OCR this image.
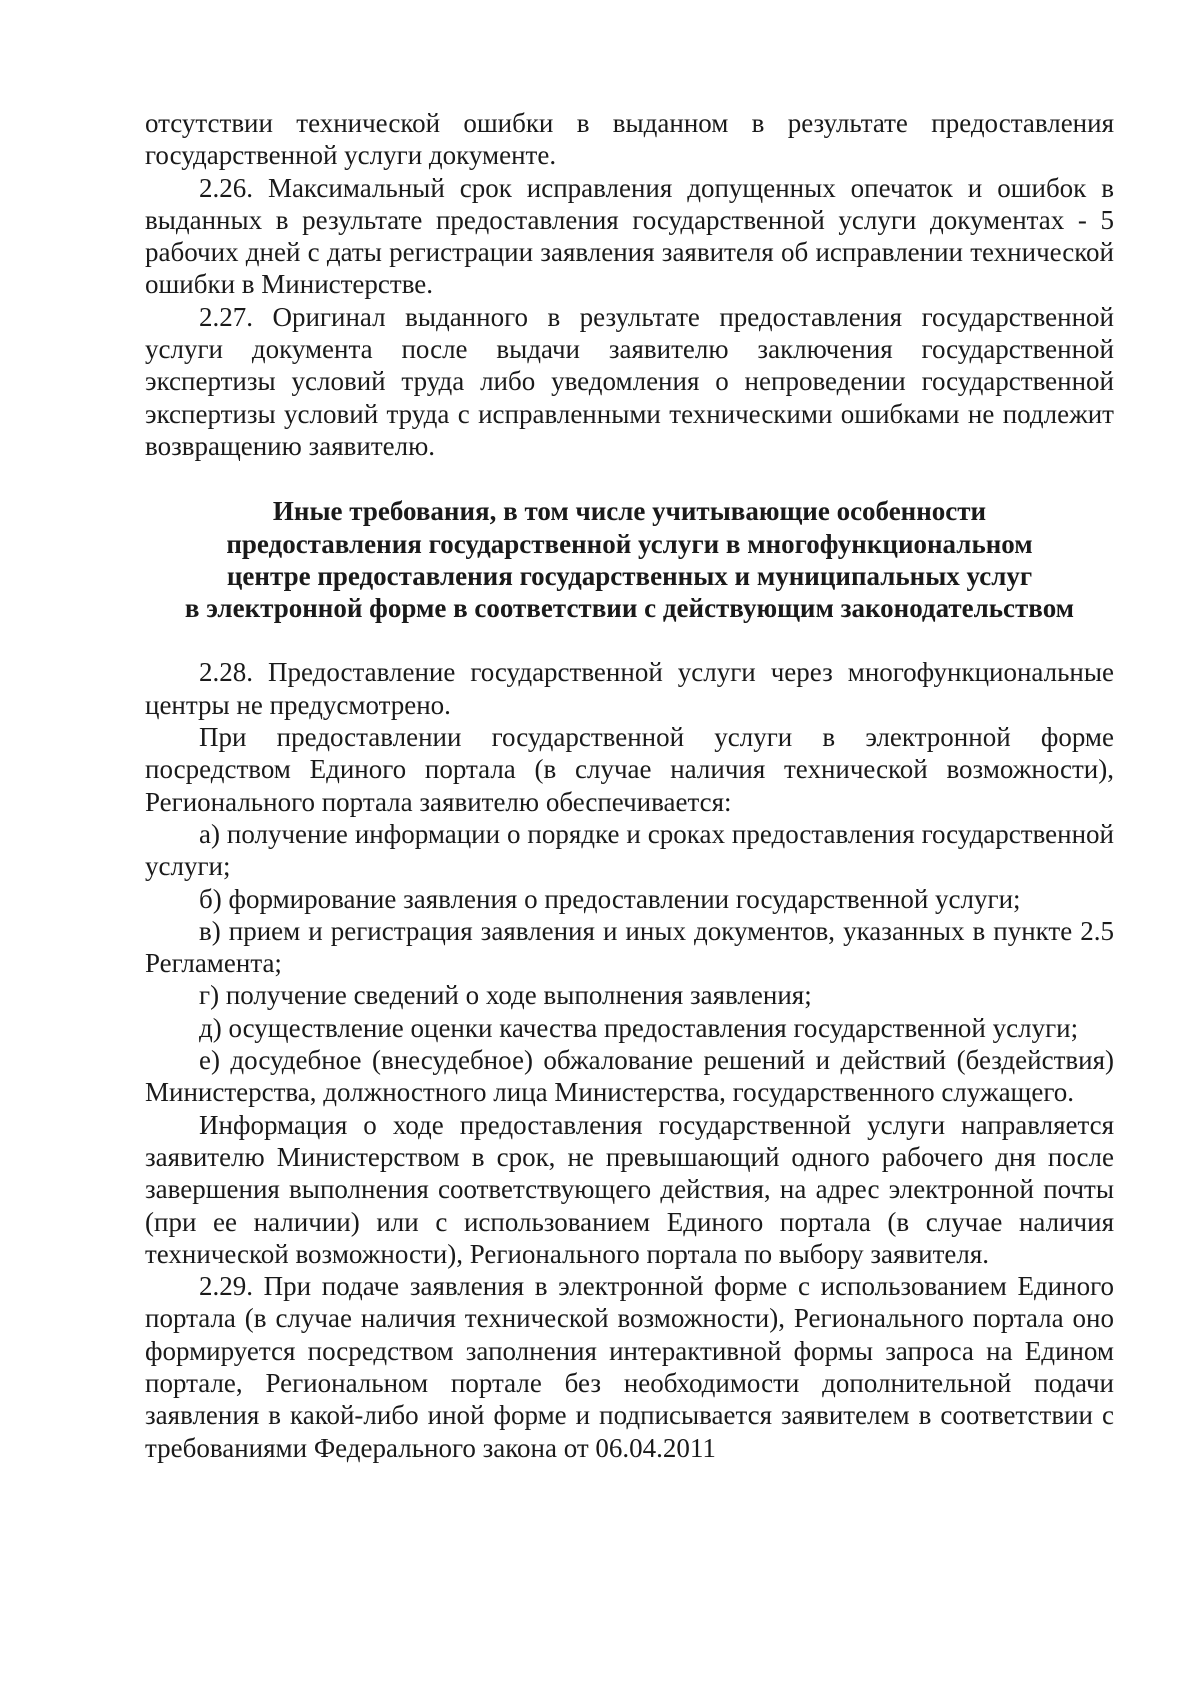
отсутствии технической ошибки в выданном в результате предоставления государственной услуги документе.

2.26. Максимальный срок исправления допущенных опечаток и ошибок в выданных в результате предоставления государственной услуги документах - 5 рабочих дней с даты регистрации заявления заявителя об исправлении технической ошибки в Министерстве.

2.27. Оригинал выданного в результате предоставления государственной услуги документа после выдачи заявителю заключения государственной экспертизы условий труда либо уведомления о непроведении государственной экспертизы условий труда с исправленными техническими ошибками не подлежит возвращению заявителю.

Иные требования, в том числе учитывающие особенности
предоставления государственной услуги в многофункциональном
центре предоставления государственных и муниципальных услуг
в электронной форме в соответствии с действующим законодательством

2.28. Предоставление государственной услуги через многофункциональные центры не предусмотрено.

При предоставлении государственной услуги в электронной форме посредством Единого портала (в случае наличия технической возможности), Регионального портала заявителю обеспечивается:

а) получение информации о порядке и сроках предоставления государственной услуги;

б) формирование заявления о предоставлении государственной услуги;

в) прием и регистрация заявления и иных документов, указанных в пункте 2.5 Регламента;

г) получение сведений о ходе выполнения заявления;

д) осуществление оценки качества предоставления государственной услуги;

е) досудебное (внесудебное) обжалование решений и действий (бездействия) Министерства, должностного лица Министерства, государственного служащего.

Информация о ходе предоставления государственной услуги направляется заявителю Министерством в срок, не превышающий одного рабочего дня после завершения выполнения соответствующего действия, на адрес электронной почты (при ее наличии) или с использованием Единого портала (в случае наличия технической возможности), Регионального портала по выбору заявителя.

2.29. При подаче заявления в электронной форме с использованием Единого портала (в случае наличия технической возможности), Регионального портала оно формируется посредством заполнения интерактивной формы запроса на Едином портале, Региональном портале без необходимости дополнительной подачи заявления в какой-либо иной форме и подписывается заявителем в соответствии с требованиями Федерального закона от 06.04.2011
